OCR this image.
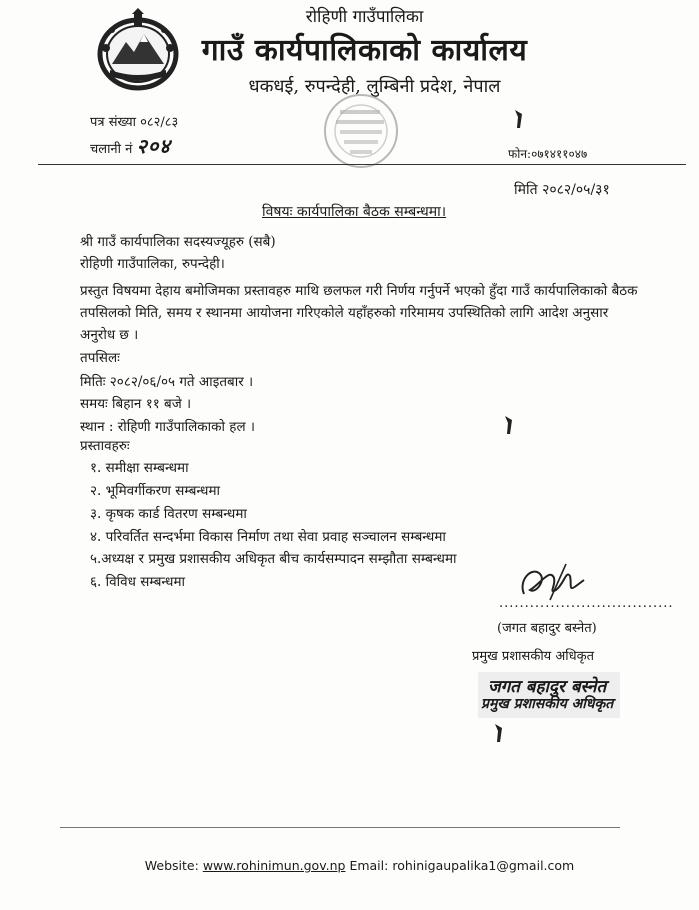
रोहिणी गाउँपालिका
गाउँ कार्यपालिकाको कार्यालय
धकधई, रुपन्देही, लुम्बिनी प्रदेश, नेपाल
पत्र संख्या ०८२/८३
चलानी नं २०४	फोन:०७१४११०४७
मिति २०८२/०५/३१
विषयः कार्यपालिका बैठक सम्बन्धमा।
श्री गाउँ कार्यपालिका सदस्यज्यूहरु (सबै)
रोहिणी गाउँपालिका, रुपन्देही।
प्रस्तुत विषयमा देहाय बमोजिमका प्रस्तावहरु माथि छलफल गरी निर्णय गर्नुपर्ने भएको हुँदा गाउँ कार्यपालिकाको बैठक तपसिलको मिति, समय र स्थानमा आयोजना गरिएकोले यहाँहरुको गरिमामय उपस्थितिको लागि आदेश अनुसार अनुरोध छ ।
तपसिलः
मितिः २०८२/०६/०५ गते आइतबार ।
समयः बिहान ११ बजे ।
स्थान : रोहिणी गाउँपालिकाको हल ।
प्रस्तावहरुः
१. समीक्षा सम्बन्धमा
२. भूमिवर्गीकरण सम्बन्धमा
३. कृषक कार्ड वितरण सम्बन्धमा
४. परिवर्तित सन्दर्भमा विकास निर्माण तथा सेवा प्रवाह सञ्चालन सम्बन्धमा
५.अध्यक्ष र प्रमुख प्रशासकीय अधिकृत बीच कार्यसम्पादन सम्झौता सम्बन्धमा
६. विविध सम्बन्धमा
..................................
(जगत बहादुर बस्नेत)
प्रमुख प्रशासकीय अधिकृत
जगत बहादुर बस्नेत
प्रमुख प्रशासकीय अधिकृत
Website: www.rohinimun.gov.np Email: rohinigaupalika1@gmail.com
